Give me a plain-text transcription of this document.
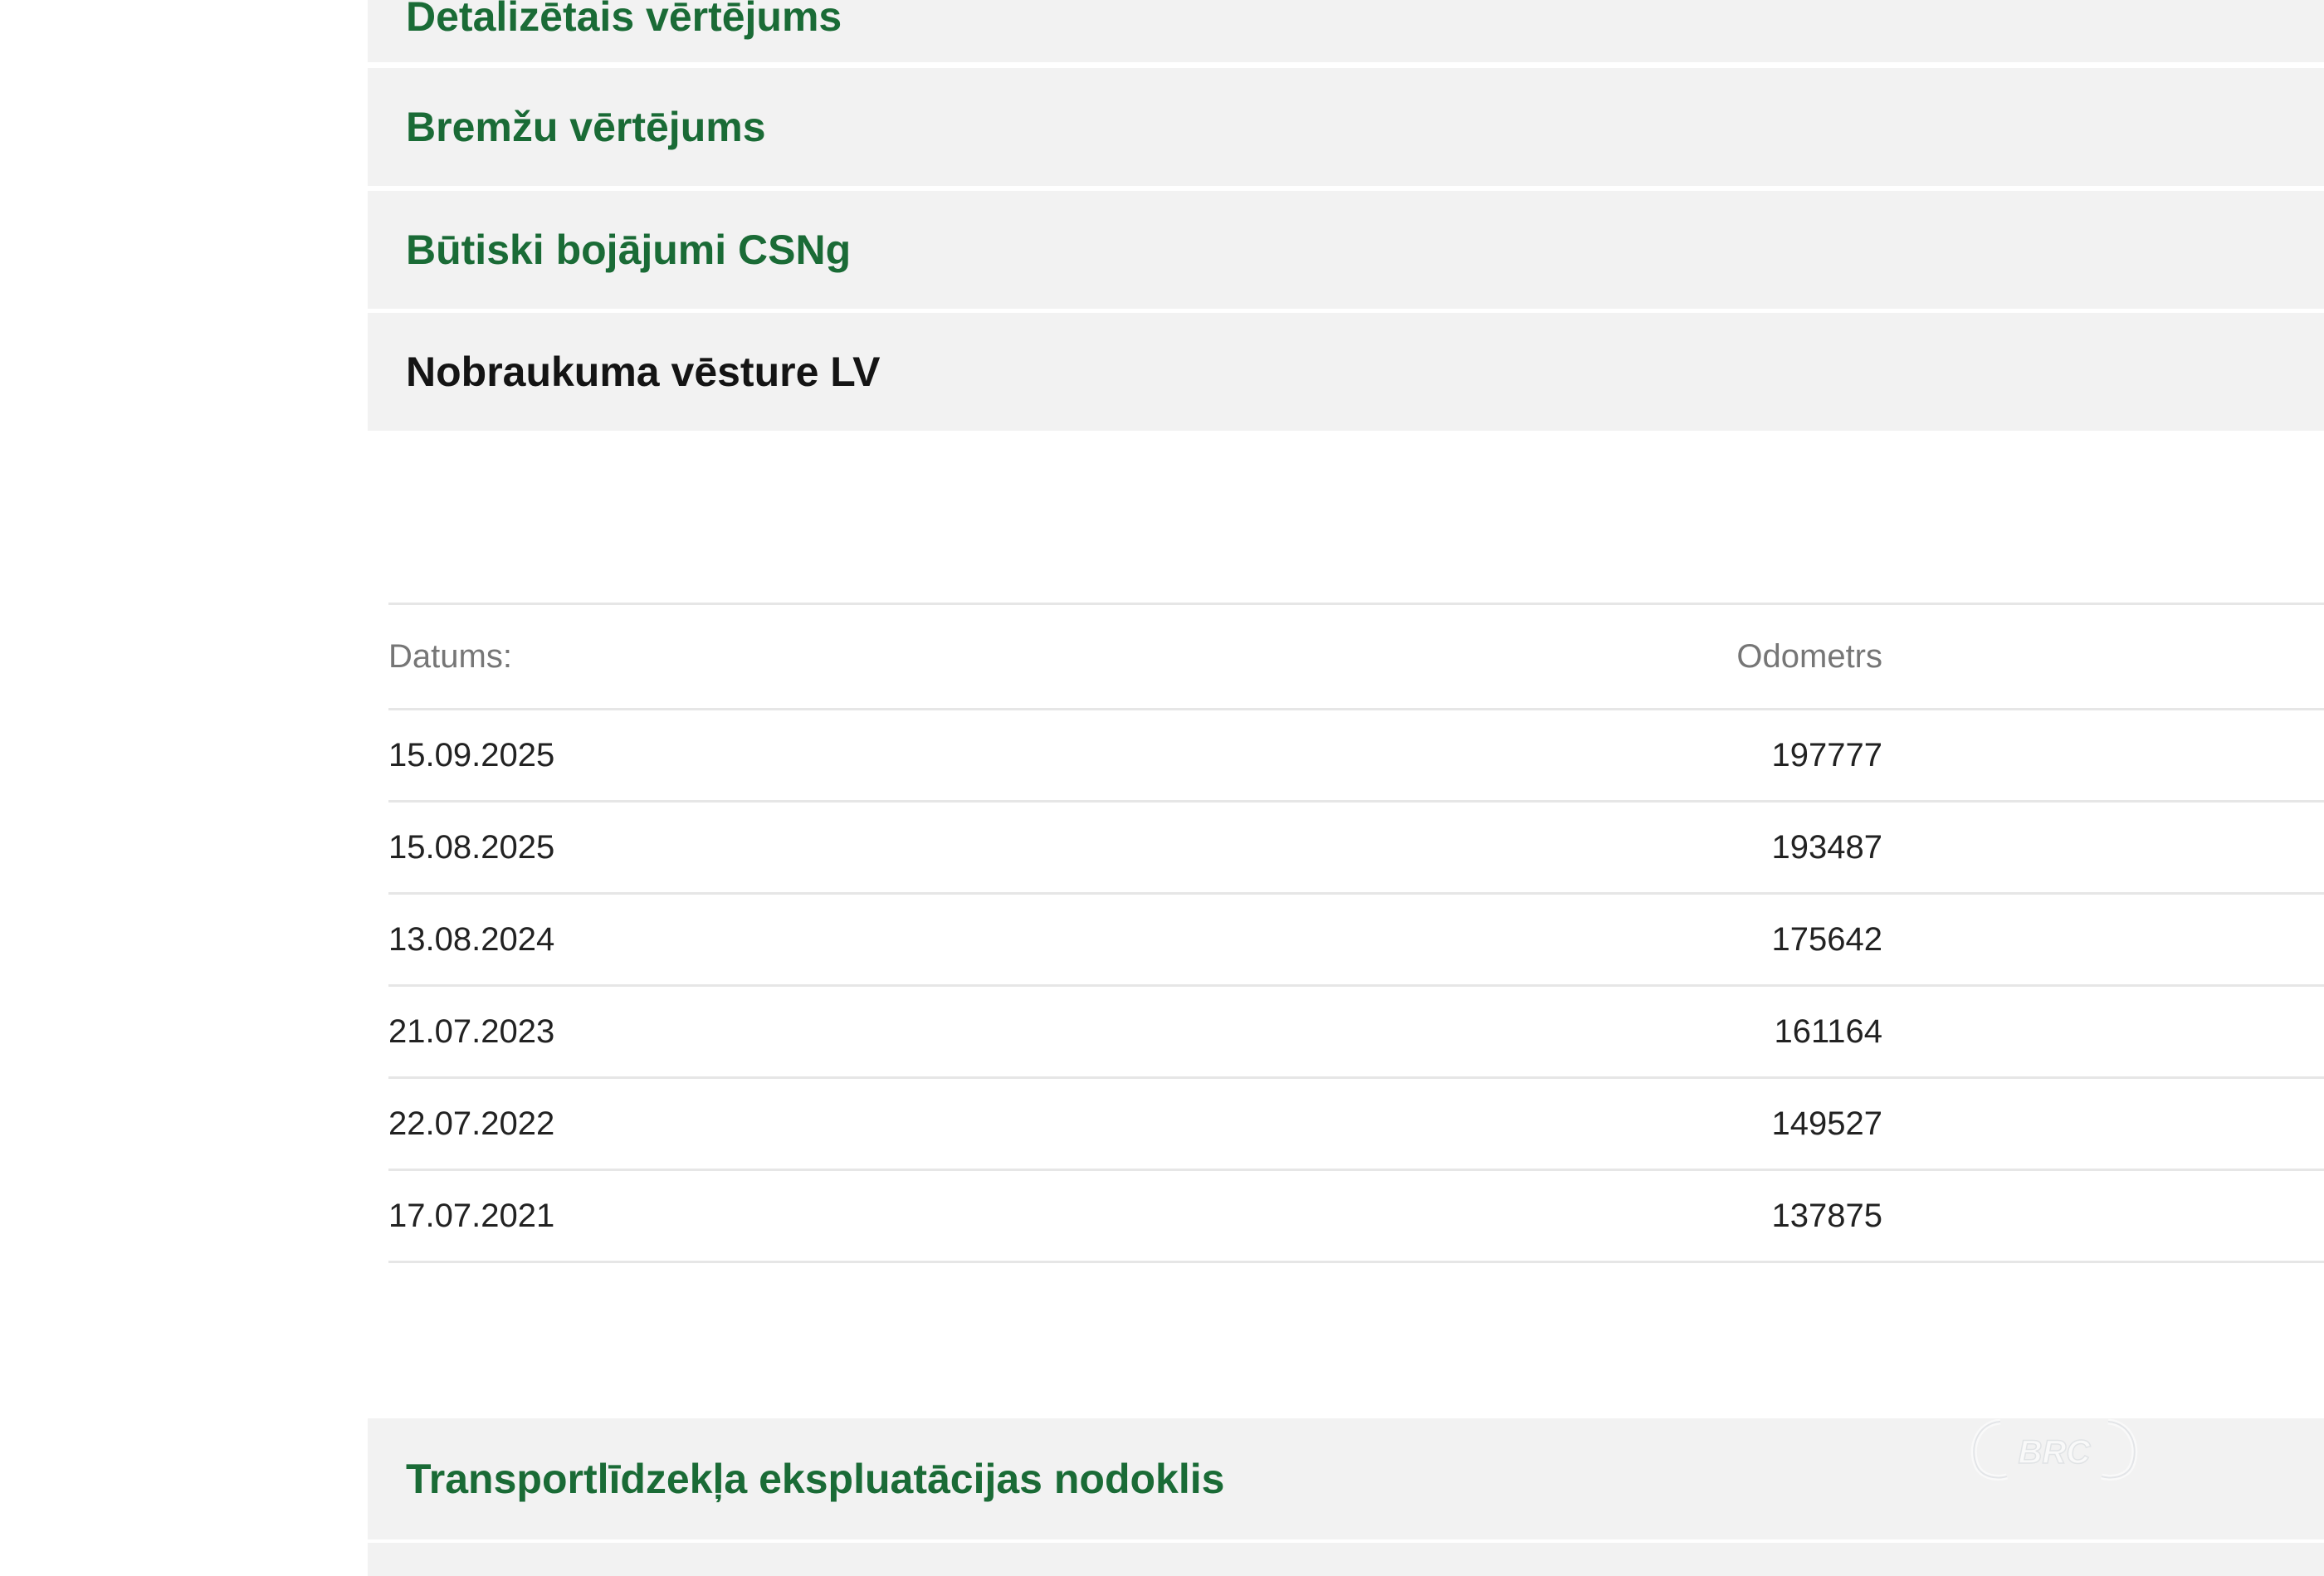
Detalizētais vērtējums
Bremžu vērtējums
Būtiski bojājumi CSNg
Nobraukuma vēsture LV
Datums:	Odometrs	
15.09.2025	197777	
15.08.2025	193487	
13.08.2024	175642	
21.07.2023	161164	
22.07.2022	149527	
17.07.2021	137875	
Transportlīdzekļa ekspluatācijas nodoklis
BRC
